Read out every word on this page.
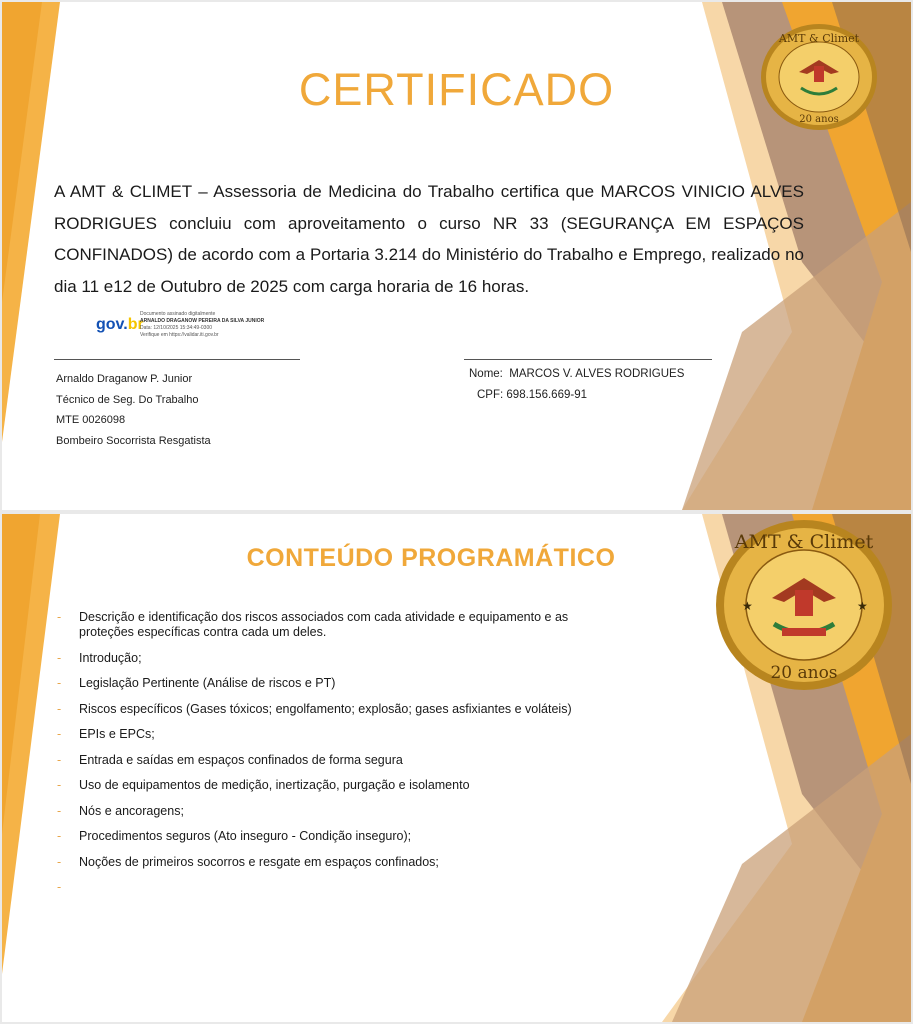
AMT & Climet
20 anos
CERTIFICADO
A AMT & CLIMET – Assessoria de Medicina do Trabalho certifica que MARCOS VINICIO ALVES RODRIGUES concluiu com aproveitamento o curso NR 33 (SEGURANÇA EM ESPAÇOS CONFINADOS) de acordo com a Portaria 3.214 do Ministério do Trabalho e Emprego, realizado no dia 11 e12 de Outubro de 2025 com carga horaria de 16 horas.
gov.br
Documento assinado digitalmente
ARNALDO DRAGANOW PEREIRA DA SILVA JUNIOR
Data: 12/10/2025 15:34:49-0300
Verifique em https://validar.iti.gov.br
Arnaldo Draganow P. Junior
Técnico de Seg. Do Trabalho
MTE 0026098
Bombeiro Socorrista Resgatista
Nome: MARCOS V. ALVES RODRIGUES
CPF: 698.156.669-91
★	★
AMT & Climet
20 anos
CONTEÚDO PROGRAMÁTICO
- Descrição e identificação dos riscos associados com cada atividade e equipamento e as proteções específicas contra cada um deles.
- Introdução;
- Legislação Pertinente (Análise de riscos e PT)
- Riscos específicos (Gases tóxicos; engolfamento; explosão; gases asfixiantes e voláteis)
- EPIs e EPCs;
- Entrada e saídas em espaços confinados de forma segura
- Uso de equipamentos de medição, inertização, purgação e isolamento
- Nós e ancoragens;
- Procedimentos seguros (Ato inseguro - Condição inseguro);
- Noções de primeiros socorros e resgate em espaços confinados;
-
